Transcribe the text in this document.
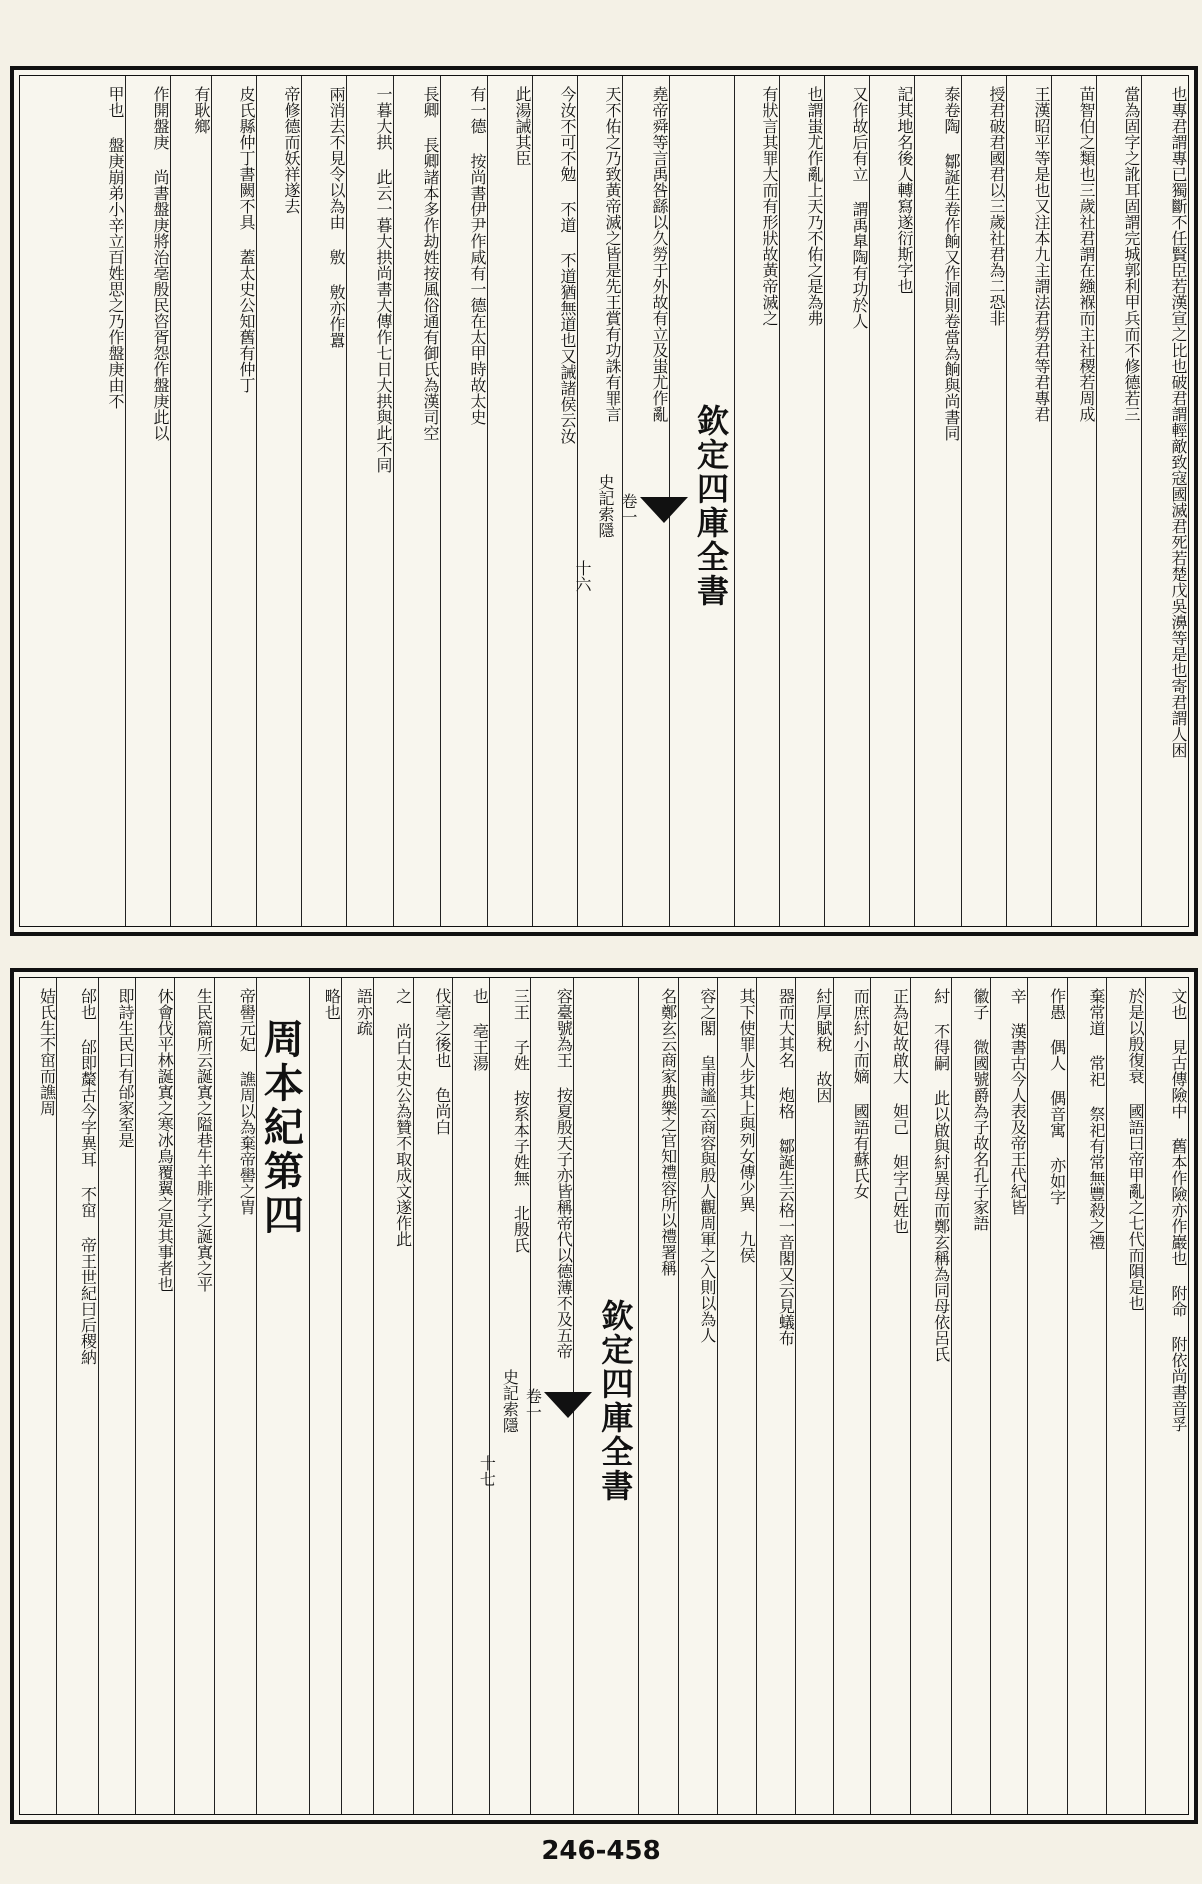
也專君謂專已獨斷不任賢臣若漢宣之比也破君謂輕敵致寇國滅君死若楚戊吳濞等是也寄君謂人困
當為固字之訛耳固謂完城郭利甲兵而不修德若三
苗智伯之類也三歲社君謂在繈褓而主社稷若周成
王漢昭平等是也又注本九主謂法君勞君等君專君
授君破君國君以三歲社君為二恐非
泰卷陶 鄒誕生卷作餉又作洞則卷當為餉與尚書同
記其地名後人轉寫遂衍斯字也
又作故后有立 謂禹臯陶有功於人
也謂蚩尤作亂上天乃不佑之是為弗
有狀言其罪大而有形狀故黃帝滅之
欽定四庫全書
卷一
史記索隱
十六
堯帝舜等言禹咎繇以久勞于外故有立及蚩尤作亂
天不佑之乃致黃帝滅之皆是先王賞有功誅有罪言
今汝不可不勉 不道 不道猶無道也又誡諸侯云汝
此湯誡其臣
有一德 按尚書伊尹作咸有一德在太甲時故太史
長卿 長卿諸本多作劫姓按風俗通有御氏為漢司空
一暮大拱 此云一暮大拱尚書大傳作七日大拱與此不同
兩消去不見令以為由 敫 敫亦作囂
帝修德而妖祥遂去
皮氏縣仲丁書闕不具 蓋太史公知舊有仲丁
有耿鄉
作開盤庚 尚書盤庚將治亳殷民咨胥怨作盤庚此以
甲也 盤庚崩弟小辛立百姓思之乃作盤庚由不
文也 見古傳險中 舊本作險亦作巖也 附命 附依尚書音孚
於是以殷復衰 國語曰帝甲亂之七代而隕是也
棄常道 常祀 祭祀有常無豐殺之禮
作愚 偶人 偶音寓 亦如字
辛 漢書古今人表及帝王代紀皆
徽子 微國號爵為子故名孔子家語
紂 不得嗣 此以啟與紂異母而鄭玄稱為同母依呂氏
正為妃故啟大 妲己 妲字己姓也
而庶紂小而嫡 國語有蘇氏女
紂厚賦稅 故因
器而大其名 炮格 鄒誕生云格一音閣又云見蟻布
其下使罪人步其上與列女傳少異 九侯
容之閣 皇甫謐云商容與殷人觀周軍之入則以為人
名鄭玄云商家典樂之官知禮容所以禮署稱
欽定四庫全書
卷一
史記索隱
十七
容臺號為王 按夏殷天子亦皆稱帝代以德薄不及五帝
三王 子姓 按系本子姓無 北殷氏
也 亳王湯
伐亳之後也 色尚白
之 尚白太史公為贊不取成文遂作此
語亦疏
略也
周本紀第四
帝嚳元妃 譙周以為棄帝嚳之胄
生民篇所云誕寘之隘巷牛羊腓字之誕寘之平
休會伐平林誕寘之寒冰鳥覆翼之是其事者也
即詩生民曰有邰家室是
邰也 邰即斄古今字異耳 不窋 帝王世紀曰后稷納
姞氏生不窋而譙周
246-458
